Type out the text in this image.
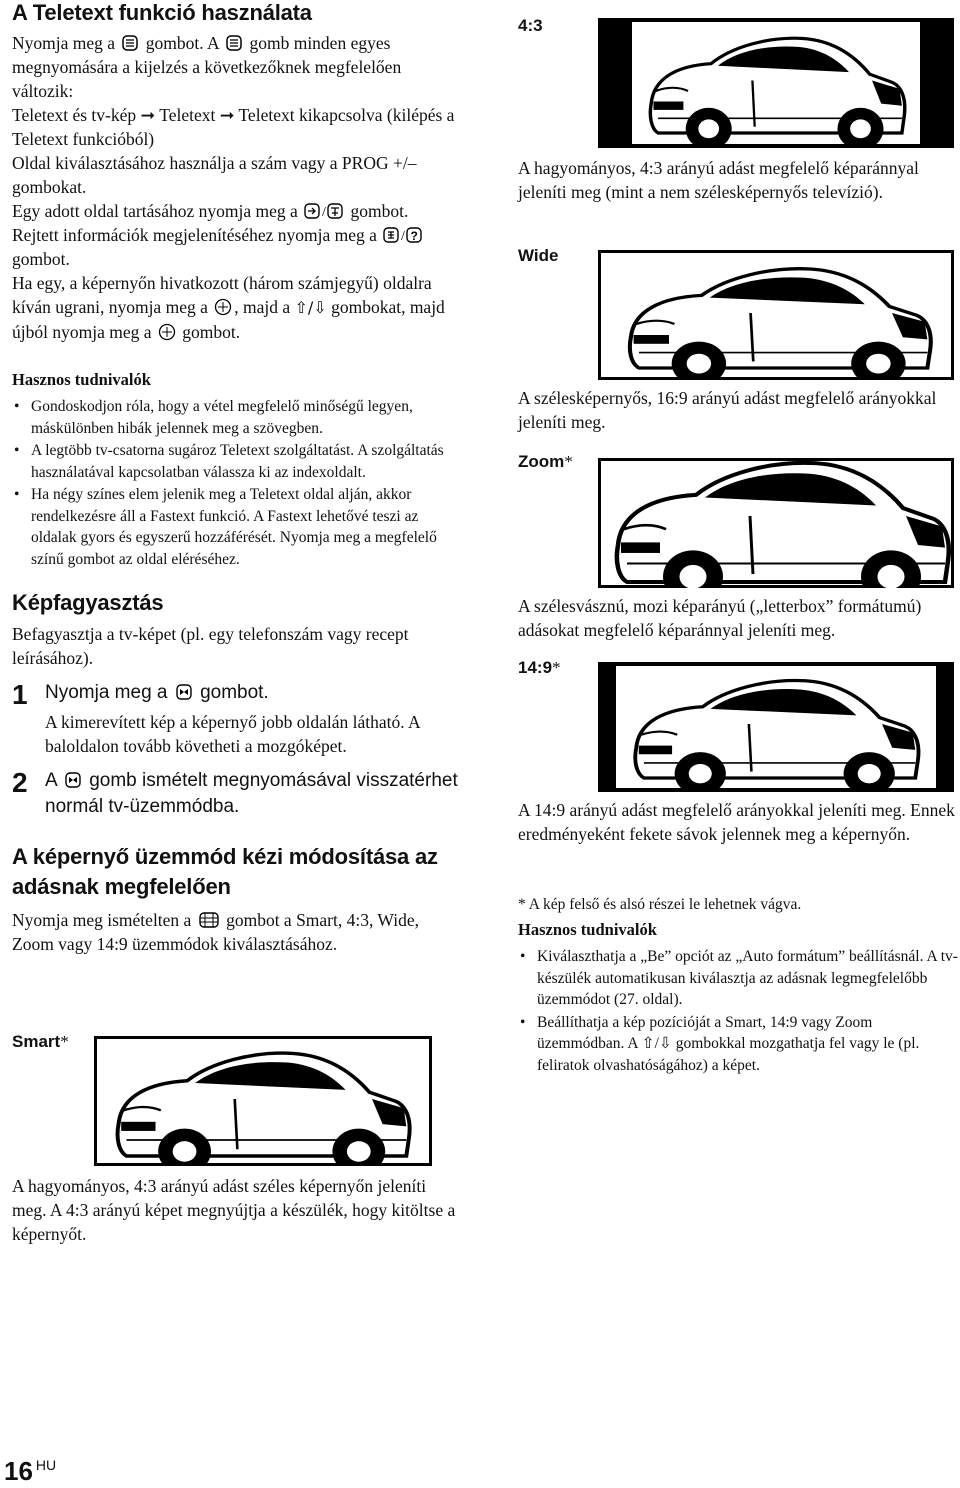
A Teletext funkció használata
Nyomja meg a gombot. A gomb minden egyes megnyomására a kijelzés a következőknek megfelelően változik:
Teletext és tv-kép ➞ Teletext ➞ Teletext kikapcsolva (kilépés a Teletext funkcióból)
Oldal kiválasztásához használja a szám vagy a PROG +/– gombokat.
Egy adott oldal tartásához nyomja meg a / gombot.
Rejtett információk megjelenítéséhez nyomja meg a / ?
gombot.
Ha egy, a képernyőn hivatkozott (három számjegyű) oldalra kíván ugrani, nyomja meg a , majd a ⇧/⇩ gombokat, majd újból nyomja meg a gombot.

Hasznos tudnivalók

• Gondoskodjon róla, hogy a vétel megfelelő minőségű legyen, máskülönben hibák jelennek meg a szövegben.
• A legtöbb tv-csatorna sugároz Teletext szolgáltatást. A szolgáltatás használatával kapcsolatban válassza ki az indexoldalt.
• Ha négy színes elem jelenik meg a Teletext oldal alján, akkor rendelkezésre áll a Fastext funkció. A Fastext lehetővé teszi az oldalak gyors és egyszerű hozzáférését. Nyomja meg a megfelelő színű gombot az oldal eléréséhez.
Képfagyasztás
Befagyasztja a tv-képet (pl. egy telefonszám vagy recept leírásához).
1 Nyomja meg a gombot.
A kimerevített kép a képernyő jobb oldalán látható. A baloldalon tovább követheti a mozgóképet.
2 A gomb ismételt megnyomásával visszatérhet normál tv-üzemmódba.
A képernyő üzemmód kézi módosítása az adásnak megfelelően
Nyomja meg ismételten a gombot a Smart, 4:3, Wide, Zoom vagy 14:9 üzemmódok kiválasztásához.
Smart*
A hagyományos, 4:3 arányú adást széles képernyőn jeleníti meg. A 4:3 arányú képet megnyújtja a készülék, hogy kitöltse a képernyőt.
4:3
A hagyományos, 4:3 arányú adást megfelelő képaránnyal jeleníti meg (mint a nem szélesképernyős televízió).
Wide
A szélesképernyős, 16:9 arányú adást megfelelő arányokkal jeleníti meg.
Zoom*
A szélesvásznú, mozi képarányú („letterbox” formátumú) adásokat megfelelő képaránnyal jeleníti meg.
14:9*
A 14:9 arányú adást megfelelő arányokkal jeleníti meg. Ennek eredményeként fekete sávok jelennek meg a képernyőn.
* A kép felső és alsó részei le lehetnek vágva.

Hasznos tudnivalók

• Kiválaszthatja a „Be” opciót az „Auto formátum” beállításnál. A tv-készülék automatikusan kiválasztja az adásnak legmegfelelőbb üzemmódot (27. oldal).
• Beállíthatja a kép pozícióját a Smart, 14:9 vagy Zoom üzemmódban. A ⇧/⇩ gombokkal mozgathatja fel vagy le (pl. feliratok olvashatóságához) a képet.
16 HU
